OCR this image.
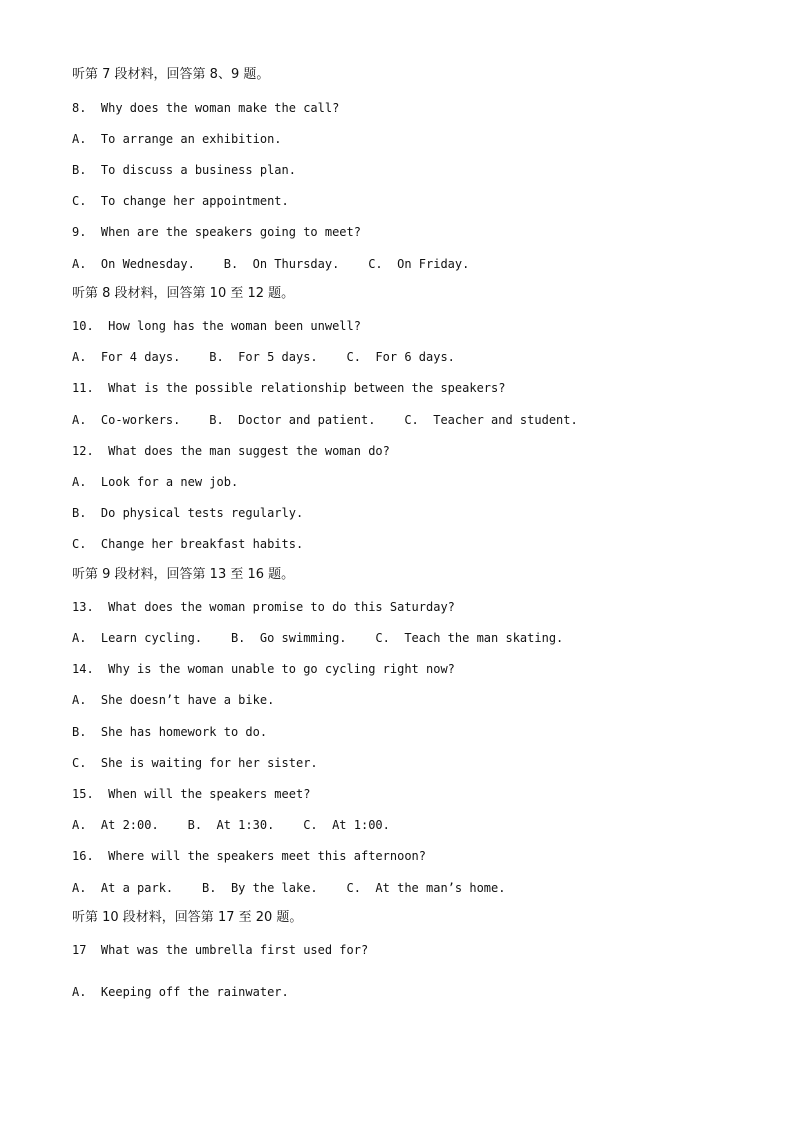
听第 7 段材料，回答第 8、9 题。
8.  Why does the woman make the call?
A.  To arrange an exhibition.
B.  To discuss a business plan.
C.  To change her appointment.
9.  When are the speakers going to meet?
A.  On Wednesday.    B.  On Thursday.    C.  On Friday.
听第 8 段材料，回答第 10 至 12 题。
10.  How long has the woman been unwell?
A.  For 4 days.    B.  For 5 days.    C.  For 6 days.
11.  What is the possible relationship between the speakers?
A.  Co-workers.    B.  Doctor and patient.    C.  Teacher and student.
12.  What does the man suggest the woman do?
A.  Look for a new job.
B.  Do physical tests regularly.
C.  Change her breakfast habits.
听第 9 段材料，回答第 13 至 16 题。
13.  What does the woman promise to do this Saturday?
A.  Learn cycling.    B.  Go swimming.    C.  Teach the man skating.
14.  Why is the woman unable to go cycling right now?
A.  She doesn’t have a bike.
B.  She has homework to do.
C.  She is waiting for her sister.
15.  When will the speakers meet?
A.  At 2:00.    B.  At 1:30.    C.  At 1:00.
16.  Where will the speakers meet this afternoon?
A.  At a park.    B.  By the lake.    C.  At the man’s home.
听第 10 段材料，回答第 17 至 20 题。
17  What was the umbrella first used for?
A.  Keeping off the rainwater.
